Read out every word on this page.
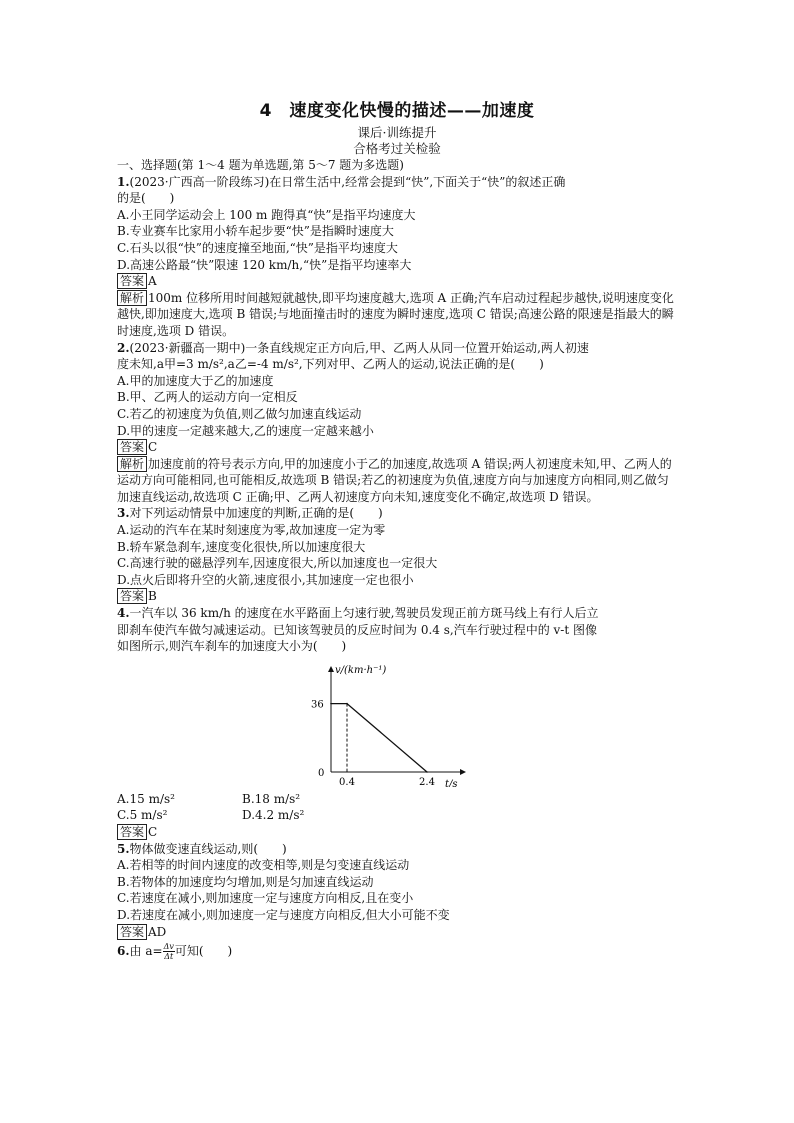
4　速度变化快慢的描述——加速度
课后·训练提升
合格考过关检验
一、选择题(第 1〜4 题为单选题,第 5〜7 题为多选题)
1.(2023·广西高一阶段练习)在日常生活中,经常会提到“快”,下面关于“快”的叙述正确
的是(　　)
A.小王同学运动会上 100 m 跑得真“快”是指平均速度大
B.专业赛车比家用小轿车起步要“快”是指瞬时速度大
C.石头以很“快”的速度撞至地面,“快”是指平均速度大
D.高速公路最“快”限速 120 km/h,“快”是指平均速率大
答案 A
解析 100m 位移所用时间越短就越快,即平均速度越大,选项 A 正确;汽车启动过程起步越快,说明速度变化越快,即加速度大,选项 B 错误;与地面撞击时的速度为瞬时速度,选项 C 错误;高速公路的限速是指最大的瞬时速度,选项 D 错误。
2.(2023·新疆高一期中)一条直线规定正方向后,甲、乙两人从同一位置开始运动,两人初速
度未知,a甲=3 m/s²,a乙=-4 m/s²,下列对甲、乙两人的运动,说法正确的是(　　)
A.甲的加速度大于乙的加速度
B.甲、乙两人的运动方向一定相反
C.若乙的初速度为负值,则乙做匀加速直线运动
D.甲的速度一定越来越大,乙的速度一定越来越小
答案 C
解析 加速度前的符号表示方向,甲的加速度小于乙的加速度,故选项 A 错误;两人初速度未知,甲、乙两人的运动方向可能相同,也可能相反,故选项 B 错误;若乙的初速度为负值,速度方向与加速度方向相同,则乙做匀加速直线运动,故选项 C 正确;甲、乙两人初速度方向未知,速度变化不确定,故选项 D 错误。
3.对下列运动情景中加速度的判断,正确的是(　　)
A.运动的汽车在某时刻速度为零,故加速度一定为零
B.轿车紧急刹车,速度变化很快,所以加速度很大
C.高速行驶的磁悬浮列车,因速度很大,所以加速度也一定很大
D.点火后即将升空的火箭,速度很小,其加速度一定也很小
答案 B
4.一汽车以 36 km/h 的速度在水平路面上匀速行驶,驾驶员发现正前方斑马线上有行人后立
即刹车使汽车做匀减速运动。已知该驾驶员的反应时间为 0.4 s,汽车行驶过程中的 v-t 图像
如图所示,则汽车刹车的加速度大小为(　　)
v/(km·h⁻¹)
t/s
0
36
0.4	2.4
A.15 m/s²	B.18 m/s²
C.5 m/s²	D.4.2 m/s²
答案 C
5.物体做变速直线运动,则(　　)
A.若相等的时间内速度的改变相等,则是匀变速直线运动
B.若物体的加速度均匀增加,则是匀加速直线运动
C.若速度在减小,则加速度一定与速度方向相反,且在变小
D.若速度在减小,则加速度一定与速度方向相反,但大小可能不变
答案 AD
6.由 $a= \frac{\Delta v}{\Delta t}$ 可知(　　)
